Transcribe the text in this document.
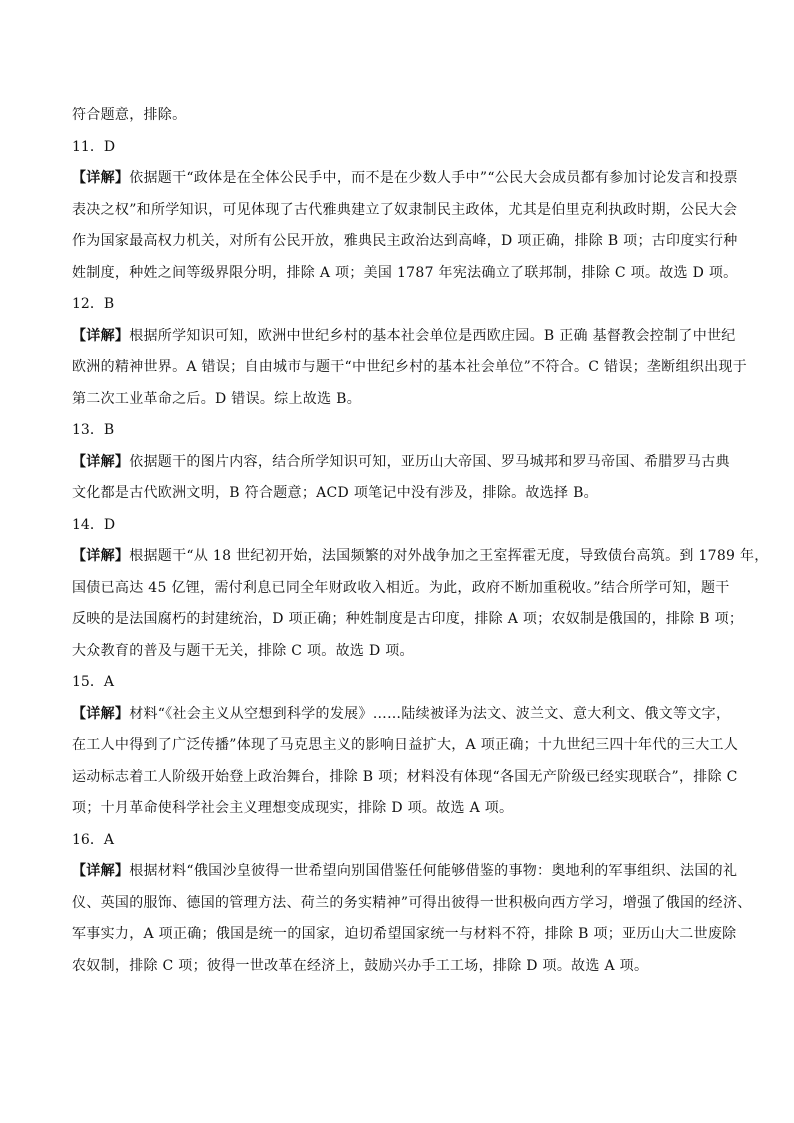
符合题意，排除。
11．D
【详解】依据题干“政体是在全体公民手中，而不是在少数人手中”“公民大会成员都有参加讨论发言和投票
表决之权”和所学知识，可见体现了古代雅典建立了奴隶制民主政体，尤其是伯里克利执政时期，公民大会
作为国家最高权力机关，对所有公民开放，雅典民主政治达到高峰，D 项正确，排除 B 项；古印度实行种
姓制度，种姓之间等级界限分明，排除 A 项；美国 1787 年宪法确立了联邦制，排除 C 项。故选 D 项。
12．B
【详解】根据所学知识可知，欧洲中世纪乡村的基本社会单位是西欧庄园。B 正确 基督教会控制了中世纪
欧洲的精神世界。A 错误；自由城市与题干“中世纪乡村的基本社会单位”不符合。C 错误；垄断组织出现于
第二次工业革命之后。D 错误。综上故选 B。
13．B
【详解】依据题干的图片内容，结合所学知识可知，亚历山大帝国、罗马城邦和罗马帝国、希腊罗马古典
文化都是古代欧洲文明，B 符合题意；ACD 项笔记中没有涉及，排除。故选择 B。
14．D
【详解】根据题干“从 18 世纪初开始，法国频繁的对外战争加之王室挥霍无度，导致债台高筑。到 1789 年，
国债已高达 45 亿锂，需付利息已同全年财政收入相近。为此，政府不断加重税收。”结合所学可知，题干
反映的是法国腐朽的封建统治，D 项正确；种姓制度是古印度，排除 A 项；农奴制是俄国的，排除 B 项；
大众教育的普及与题干无关，排除 C 项。故选 D 项。
15．A
【详解】材料“《社会主义从空想到科学的发展》……陆续被译为法文、波兰文、意大利文、俄文等文字，
在工人中得到了广泛传播”体现了马克思主义的影响日益扩大，A 项正确；十九世纪三四十年代的三大工人
运动标志着工人阶级开始登上政治舞台，排除 B 项；材料没有体现“各国无产阶级已经实现联合”，排除 C
项；十月革命使科学社会主义理想变成现实，排除 D 项。故选 A 项。
16．A
【详解】根据材料“俄国沙皇彼得一世希望向别国借鉴任何能够借鉴的事物：奥地利的军事组织、法国的礼
仪、英国的服饰、德国的管理方法、荷兰的务实精神”可得出彼得一世积极向西方学习，增强了俄国的经济、
军事实力，A 项正确；俄国是统一的国家，迫切希望国家统一与材料不符，排除 B 项；亚历山大二世废除
农奴制，排除 C 项；彼得一世改革在经济上，鼓励兴办手工工场，排除 D 项。故选 A 项。
